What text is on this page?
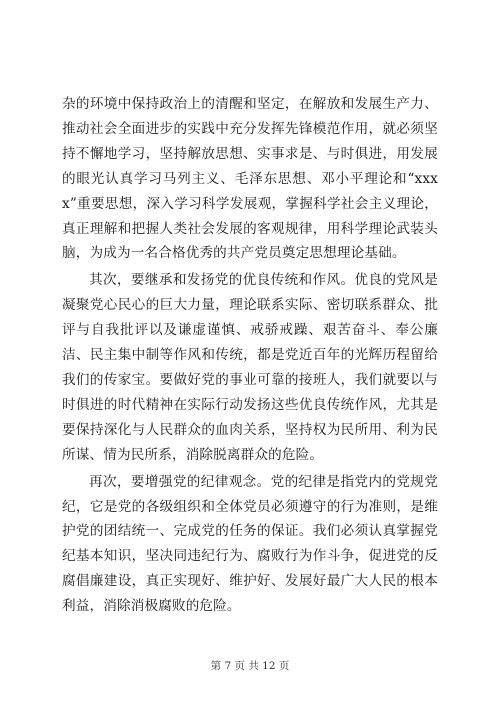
杂的环境中保持政治上的清醒和坚定，在解放和发展生产力、推动社会全面进步的实践中充分发挥先锋模范作用，就必须坚持不懈地学习，坚持解放思想、实事求是、与时俱进，用发展的眼光认真学习马列主义、毛泽东思想、邓小平理论和“xxxx”重要思想，深入学习科学发展观，掌握科学社会主义理论，真正理解和把握人类社会发展的客观规律，用科学理论武装头脑，为成为一名合格优秀的共产党员奠定思想理论基础。

其次，要继承和发扬党的优良传统和作风。优良的党风是凝聚党心民心的巨大力量，理论联系实际、密切联系群众、批评与自我批评以及谦虚谨慎、戒骄戒躁、艰苦奋斗、奉公廉洁、民主集中制等作风和传统，都是党近百年的光辉历程留给我们的传家宝。要做好党的事业可靠的接班人，我们就要以与时俱进的时代精神在实际行动发扬这些优良传统作风，尤其是要保持深化与人民群众的血肉关系，坚持权为民所用、利为民所谋、情为民所系，消除脱离群众的危险。

再次，要增强党的纪律观念。党的纪律是指党内的党规党纪，它是党的各级组织和全体党员必须遵守的行为准则，是维护党的团结统一、完成党的任务的保证。我们必须认真掌握党纪基本知识，坚决同违纪行为、腐败行为作斗争，促进党的反腐倡廉建设，真正实现好、维护好、发展好最广大人民的根本利益，消除消极腐败的危险。

第 7 页 共 12 页
